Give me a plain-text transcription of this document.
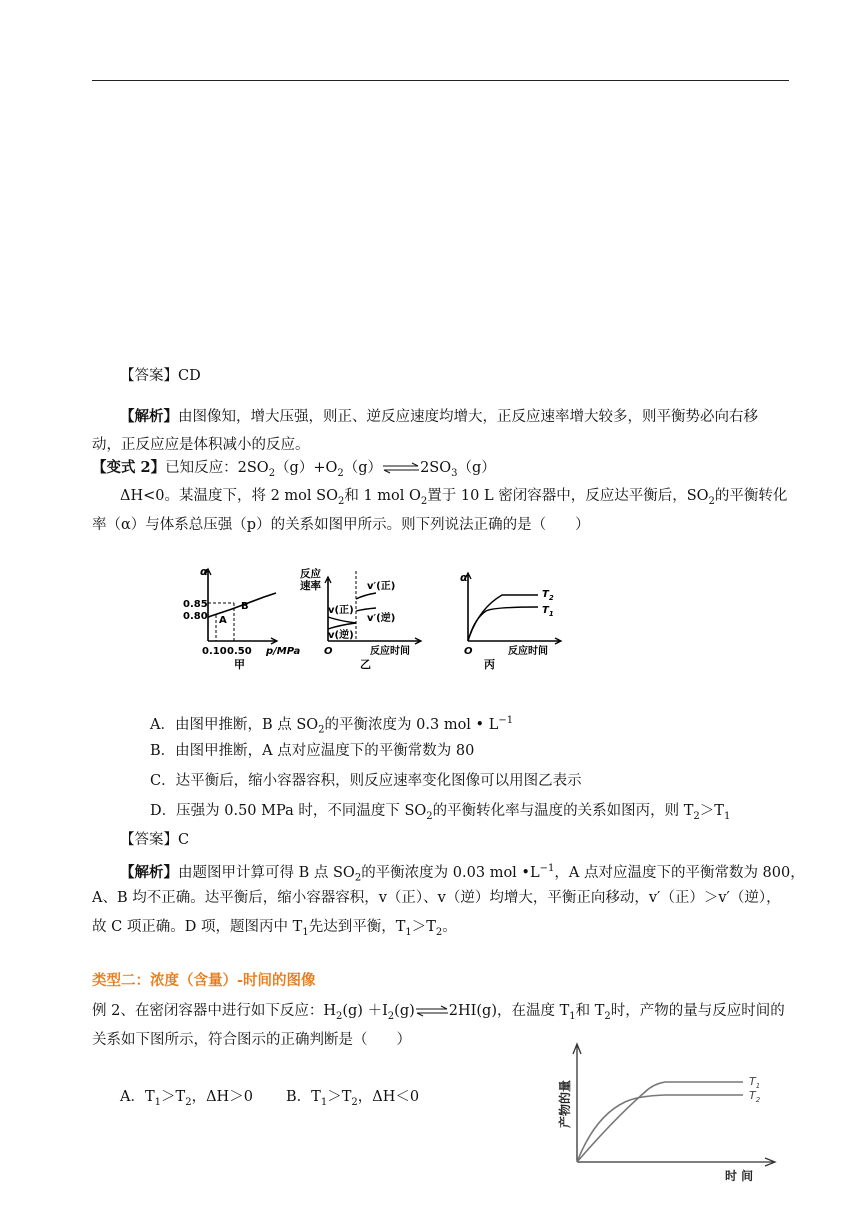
【答案】CD
【解析】由图像知，增大压强，则正、逆反应速度均增大，正反应速率增大较多，则平衡势必向右移
动，正反应应是体积减小的反应。
【变式 2】已知反应：$2SO_2(g)+O_2(g)\rightleftharpoons 2SO_3(g)$
ΔH<0。某温度下，将 2 mol $SO_2$和 1 mol $O_2$置于 10 L 密闭容器中，反应达平衡后，$SO_2$的平衡转化
率（α）与体系总压强（p）的关系如图甲所示。则下列说法正确的是（　　）
α
0.85
0.80 A
B
0.10 0.50 p/MPa
甲
反应
速率
v(正)
v(逆)
v′(正)
v′(逆)
O	反应时间
乙
α
$T_2$
$T_1$
O	反应时间
丙
A．由图甲推断，B 点 $SO_2$的平衡浓度为 0.3 mol • $L^{-1}$
B．由图甲推断，A 点对应温度下的平衡常数为 80
C．达平衡后，缩小容器容积，则反应速率变化图像可以用图乙表示
D．压强为 0.50 MPa 时，不同温度下 $SO_2$的平衡转化率与温度的关系如图丙，则 $T_2>T_1$
【答案】C
【解析】由题图甲计算可得 B 点 $SO_2$的平衡浓度为 0.03 mol $•L^{-1}$，A 点对应温度下的平衡常数为 800，
A、B 均不正确。达平衡后，缩小容器容积，v（正）、v（逆）均增大，平衡正向移动，v′（正）＞v′（逆），
故 C 项正确。D 项，题图丙中 $T_1$先达到平衡，$T_1>T_2$。
类型二：浓度（含量）-时间的图像
例 2、在密闭容器中进行如下反应：$H_2(g)$ $+I_2(g)\rightleftharpoons 2HI(g)$，在温度 $T_1$和 $T_2$时，产物的量与反应时间的
关系如下图所示，符合图示的正确判断是（　　）
A．$T_1>T_2$，ΔH＞0 B．$T_1>T_2$，ΔH＜0	产物的量
时 间
$T_1$
$T_2$
